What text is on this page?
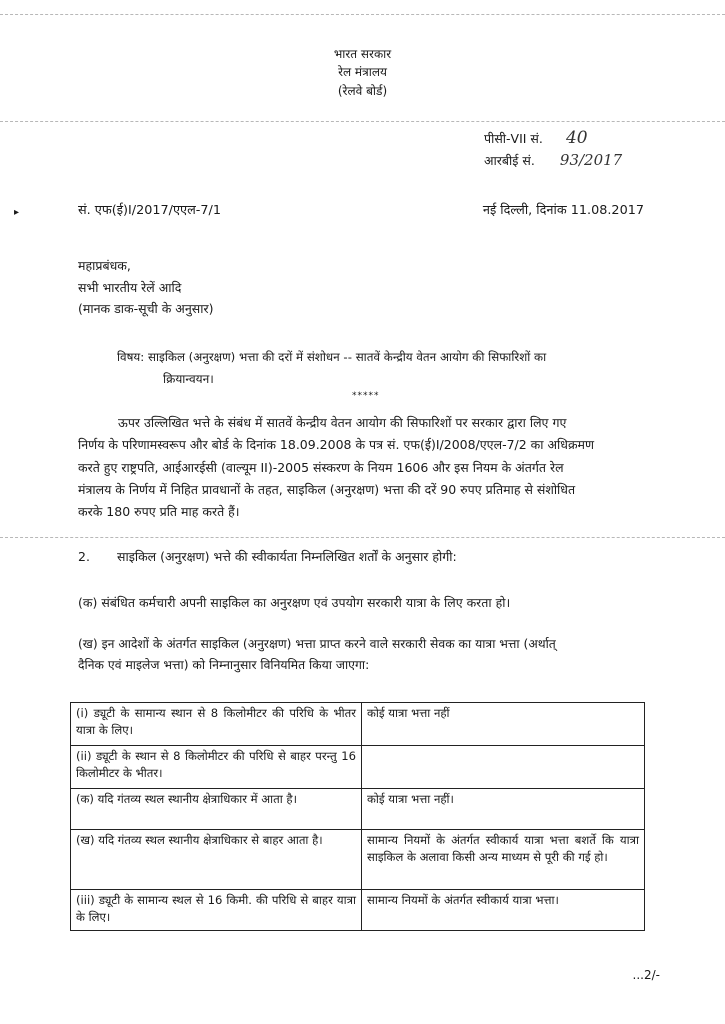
भारत सरकार
रेल मंत्रालय
(रेलवे बोर्ड)
पीसी-VII सं. 40
आरबीई सं. 93/2017
▸	सं. एफ(ई)I/2017/एएल-7/1	नई दिल्ली, दिनांक 11.08.2017
महाप्रबंधक,
सभी भारतीय रेलें आदि
(मानक डाक-सूची के अनुसार)
विषय: साइकिल (अनुरक्षण) भत्ता की दरों में संशोधन -- सातवें केन्द्रीय वेतन आयोग की सिफारिशों का
क्रियान्वयन।
*****
ऊपर उल्लिखित भत्ते के संबंध में सातवें केन्द्रीय वेतन आयोग की सिफारिशों पर सरकार द्वारा लिए गए
निर्णय के परिणामस्वरूप और बोर्ड के दिनांक 18.09.2008 के पत्र सं. एफ(ई)I/2008/एएल-7/2 का अधिक्रमण
करते हुए राष्ट्रपति, आईआरईसी (वाल्यूम II)-2005 संस्करण के नियम 1606 और इस नियम के अंतर्गत रेल
मंत्रालय के निर्णय में निहित प्रावधानों के तहत, साइकिल (अनुरक्षण) भत्ता की दरें 90 रुपए प्रतिमाह से संशोधित
करके 180 रुपए प्रति माह करते हैं।
2. साइकिल (अनुरक्षण) भत्ते की स्वीकार्यता निम्नलिखित शर्तों के अनुसार होगी:
(क) संबंधित कर्मचारी अपनी साइकिल का अनुरक्षण एवं उपयोग सरकारी यात्रा के लिए करता हो।
(ख) इन आदेशों के अंतर्गत साइकिल (अनुरक्षण) भत्ता प्राप्त करने वाले सरकारी सेवक का यात्रा भत्ता (अर्थात्
दैनिक एवं माइलेज भत्ता) को निम्नानुसार विनियमित किया जाएगा:
(i) ड्यूटी के सामान्य स्थान से 8 किलोमीटर की परिधि के भीतर यात्रा के लिए।	कोई यात्रा भत्ता नहीं
(ii) ड्यूटी के स्थान से 8 किलोमीटर की परिधि से बाहर परन्तु 16 किलोमीटर के भीतर।	
(क) यदि गंतव्य स्थल स्थानीय क्षेत्राधिकार में आता है।	कोई यात्रा भत्ता नहीं।
(ख) यदि गंतव्य स्थल स्थानीय क्षेत्राधिकार से बाहर आता है।	सामान्य नियमों के अंतर्गत स्वीकार्य यात्रा भत्ता बशर्ते कि यात्रा साइकिल के अलावा किसी अन्य माध्यम से पूरी की गई हो।
(iii) ड्यूटी के सामान्य स्थल से 16 किमी. की परिधि से बाहर यात्रा के लिए।	सामान्य नियमों के अंतर्गत स्वीकार्य यात्रा भत्ता।
...2/-
